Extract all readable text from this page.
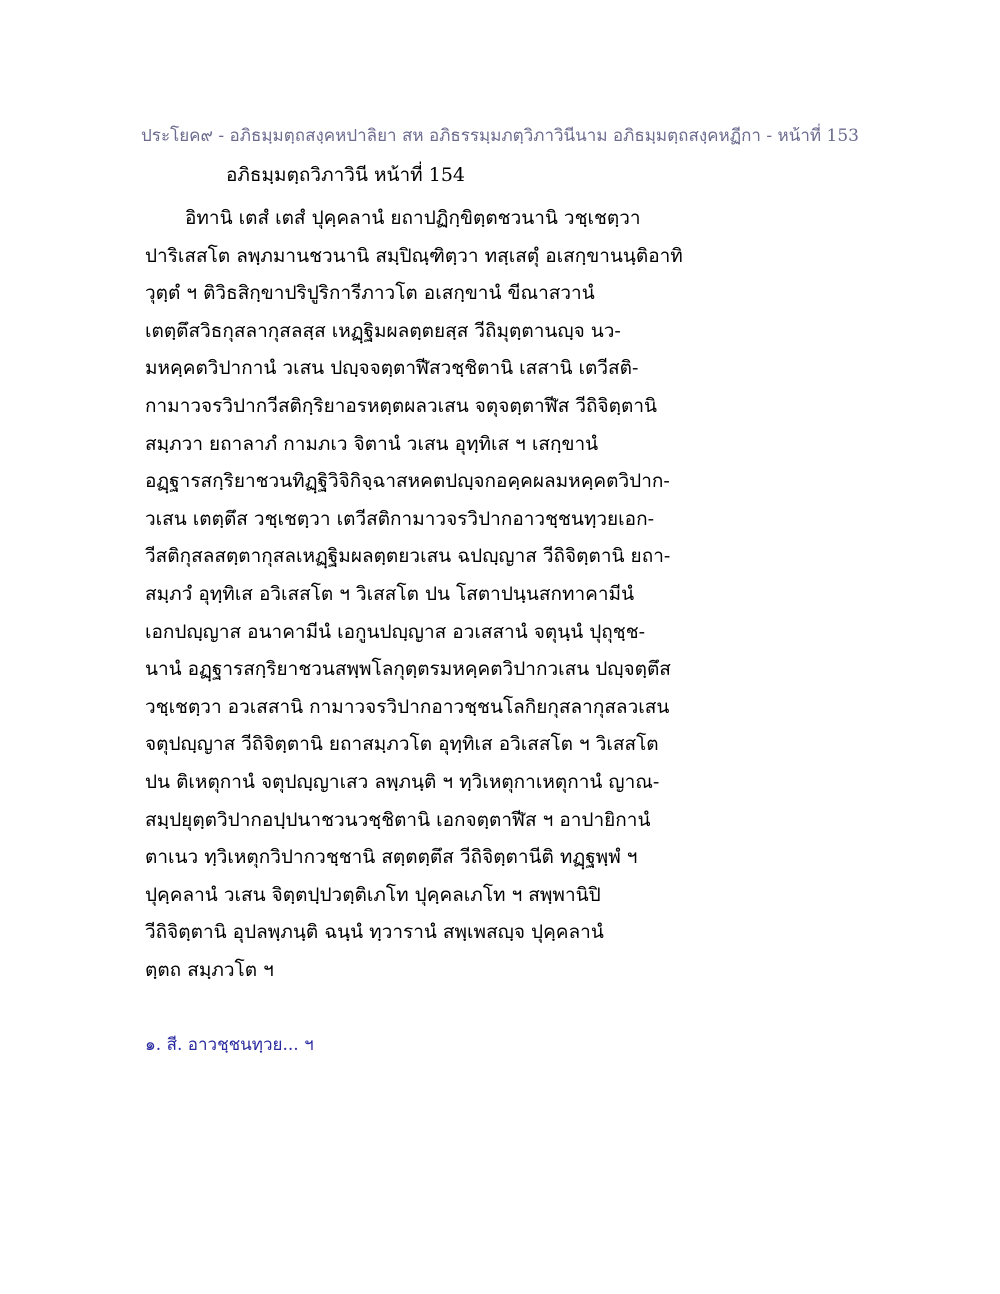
ประโยค๙ - อภิธมฺมตฺถสงฺคหปาลิยา สห อภิธรรมฺมภตฺวิภาวินีนาม อภิธมฺมตฺถสงฺคหฏีกา - หน้าที่ 153
อภิธมฺมตฺถวิภาวินี หน้าที่ 154
อิทานิ เตสํ เตสํ ปุคฺคลานํ ยถาปฏิกฺขิตฺตชวนานิ วชฺเชตฺวา
ปาริเสสโต ลพฺภมานชวนานิ สมฺปิณฺฑิตฺวา ทสฺเสตุํ อเสกฺขานนฺติอาทิ
วุตฺตํ ฯ ติวิธสิกฺขาปริปูริการีภาวโต อเสกฺขานํ ขีณาสวานํ
เตตฺตึสวิธกุสลากุสลสฺส เหฏฺฐิมผลตฺตยสฺส วีถิมุตฺตานญฺจ นว-
มหคฺคตวิปากานํ วเสน ปญฺจจตฺตาฬีสวชฺชิตานิ เสสานิ เตวีสติ-
กามาวจรวิปากวีสติกฺริยาอรหตฺตผลวเสน จตุจตฺตาฬีส วีถิจิตฺตานิ
สมฺภวา ยถาลาภํ กามภเว จิตานํ วเสน อุทฺทิเส ฯ เสกฺขานํ
อฏฺฐารสกฺริยาชวนทิฏฺฐิวิจิกิจฺฉาสหคตปญฺจกอคฺคผลมหคฺคตวิปาก-
วเสน เตตฺตึส วชฺเชตฺวา เตวีสติกามาวจรวิปากอาวชฺชนทฺวยเอก-
วีสติกุสลสตฺตากุสลเหฏฺฐิมผลตฺตยวเสน ฉปญฺญาส วีถิจิตฺตานิ ยถา-
สมฺภวํ อุทฺทิเส อวิเสสโต ฯ วิเสสโต ปน โสตาปนฺนสกทาคามีนํ
เอกปญฺญาส อนาคามีนํ เอกูนปญฺญาส อวเสสานํ จตุนฺนํ ปุถุชฺช-
นานํ อฏฺฐารสกฺริยาชวนสพฺพโลกุตฺตรมหคฺคตวิปากวเสน ปญฺจตฺตึส
วชฺเชตฺวา อวเสสานิ กามาวจรวิปากอาวชฺชนโลกิยกุสลากุสลวเสน
จตุปญฺญาส วีถิจิตฺตานิ ยถาสมฺภวโต อุทฺทิเส อวิเสสโต ฯ วิเสสโต
ปน ติเหตุกานํ จตุปญฺญาเสว ลพฺภนฺติ ฯ ทฺวิเหตุกาเหตุกานํ ญาณ-
สมฺปยุตฺตวิปากอปฺปนาชวนวชฺชิตานิ เอกจตฺตาฬีส ฯ อาปายิกานํ
ตาเนว ทฺวิเหตุกวิปากวชฺชานิ สตฺตตฺตึส วีถิจิตฺตานีติ ทฏฺฐพฺพํ ฯ
ปุคฺคลานํ วเสน จิตฺตปฺปวตฺติเภโท ปุคฺคลเภโท ฯ สพฺพานิปิ
วีถิจิตฺตานิ อุปลพฺภนฺติ ฉนฺนํ ทฺวารานํ สพฺเพสญฺจ ปุคฺคลานํ
ตฺตถ สมฺภวโต ฯ
๑. สี. อาวชฺชนทฺวย... ฯ
